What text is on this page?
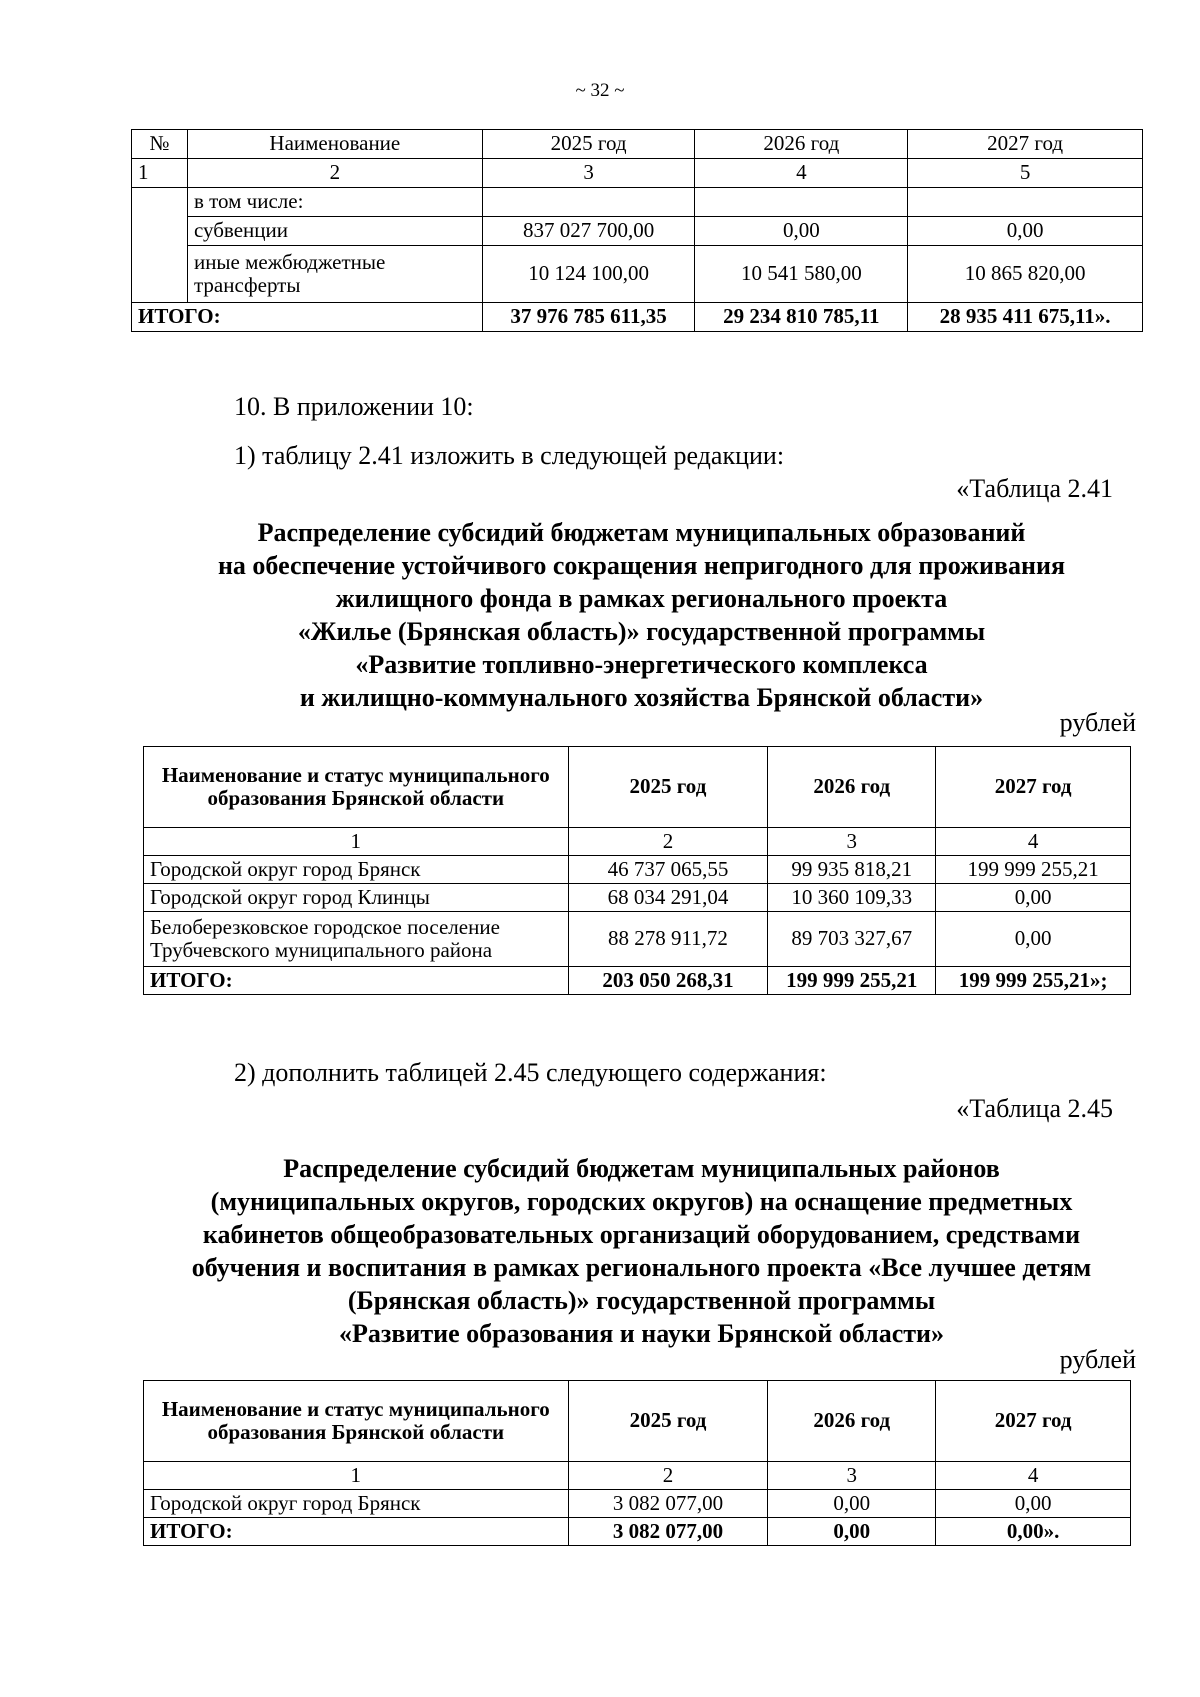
~ 32 ~
№	Наименование	2025 год	2026 год	2027 год
1	2	3	4	5
	в том числе:			
	субвенции	837 027 700,00	0,00	0,00
	иные межбюджетные трансферты	10 124 100,00	10 541 580,00	10 865 820,00
ИТОГО:		37 976 785 611,35	29 234 810 785,11	28 935 411 675,11».
10. В приложении 10:
1) таблицу 2.41 изложить в следующей редакции:
«Таблица 2.41
Распределение субсидий бюджетам муниципальных образований
на обеспечение устойчивого сокращения непригодного для проживания
жилищного фонда в рамках регионального проекта
«Жилье (Брянская область)» государственной программы
«Развитие топливно-энергетического комплекса
и жилищно-коммунального хозяйства Брянской области»
рублей
Наименование и статус муниципального образования Брянской области	2025 год	2026 год	2027 год
1	2	3	4
Городской округ город Брянск	46 737 065,55	99 935 818,21	199 999 255,21
Городской округ город Клинцы	68 034 291,04	10 360 109,33	0,00
Белоберезковское городское поселение Трубчевского муниципального района	88 278 911,72	89 703 327,67	0,00
ИТОГО:	203 050 268,31	199 999 255,21	199 999 255,21»;
2) дополнить таблицей 2.45 следующего содержания:
«Таблица 2.45
Распределение субсидий бюджетам муниципальных районов
(муниципальных округов, городских округов) на оснащение предметных
кабинетов общеобразовательных организаций оборудованием, средствами
обучения и воспитания в рамках регионального проекта «Все лучшее детям
(Брянская область)» государственной программы
«Развитие образования и науки Брянской области»
рублей
Наименование и статус муниципального образования Брянской области	2025 год	2026 год	2027 год
1	2	3	4
Городской округ город Брянск	3 082 077,00	0,00	0,00
ИТОГО:	3 082 077,00	0,00	0,00».
